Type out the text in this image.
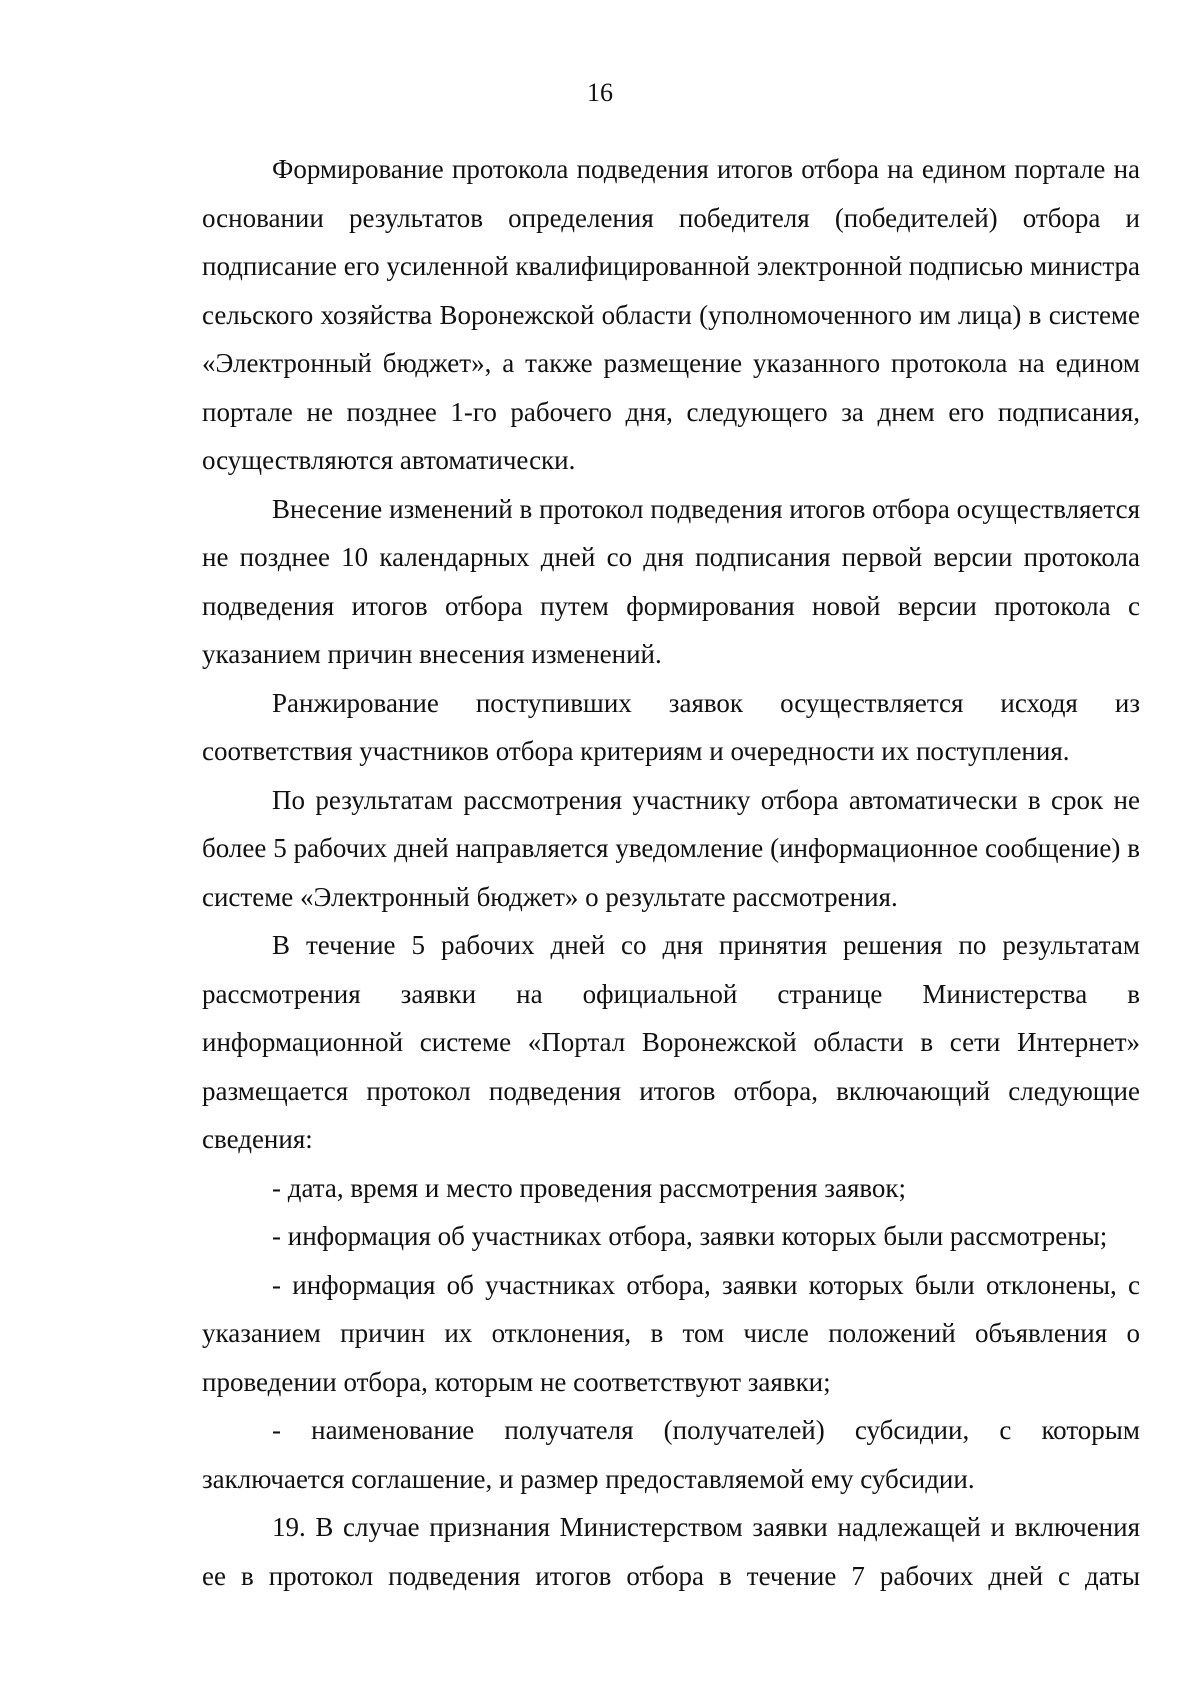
16

Формирование протокола подведения итогов отбора на едином портале на основании результатов определения победителя (победителей) отбора и подписание его усиленной квалифицированной электронной подписью министра сельского хозяйства Воронежской области (уполномоченного им лица) в системе «Электронный бюджет», а также размещение указанного протокола на едином портале не позднее 1-го рабочего дня, следующего за днем его подписания, осуществляются автоматически.

Внесение изменений в протокол подведения итогов отбора осуществляется не позднее 10 календарных дней со дня подписания первой версии протокола подведения итогов отбора путем формирования новой версии протокола с указанием причин внесения изменений.

Ранжирование поступивших заявок осуществляется исходя из соответствия участников отбора критериям и очередности их поступления.

По результатам рассмотрения участнику отбора автоматически в срок не более 5 рабочих дней направляется уведомление (информационное сообщение) в системе «Электронный бюджет» о результате рассмотрения.

В течение 5 рабочих дней со дня принятия решения по результатам рассмотрения заявки на официальной странице Министерства в информационной системе «Портал Воронежской области в сети Интернет» размещается протокол подведения итогов отбора, включающий следующие сведения:

- дата, время и место проведения рассмотрения заявок;

- информация об участниках отбора, заявки которых были рассмотрены;

- информация об участниках отбора, заявки которых были отклонены, с указанием причин их отклонения, в том числе положений объявления о проведении отбора, которым не соответствуют заявки;

- наименование получателя (получателей) субсидии, с которым заключается соглашение, и размер предоставляемой ему субсидии.

19. В случае признания Министерством заявки надлежащей и включения ее в протокол подведения итогов отбора в течение 7 рабочих дней с даты
